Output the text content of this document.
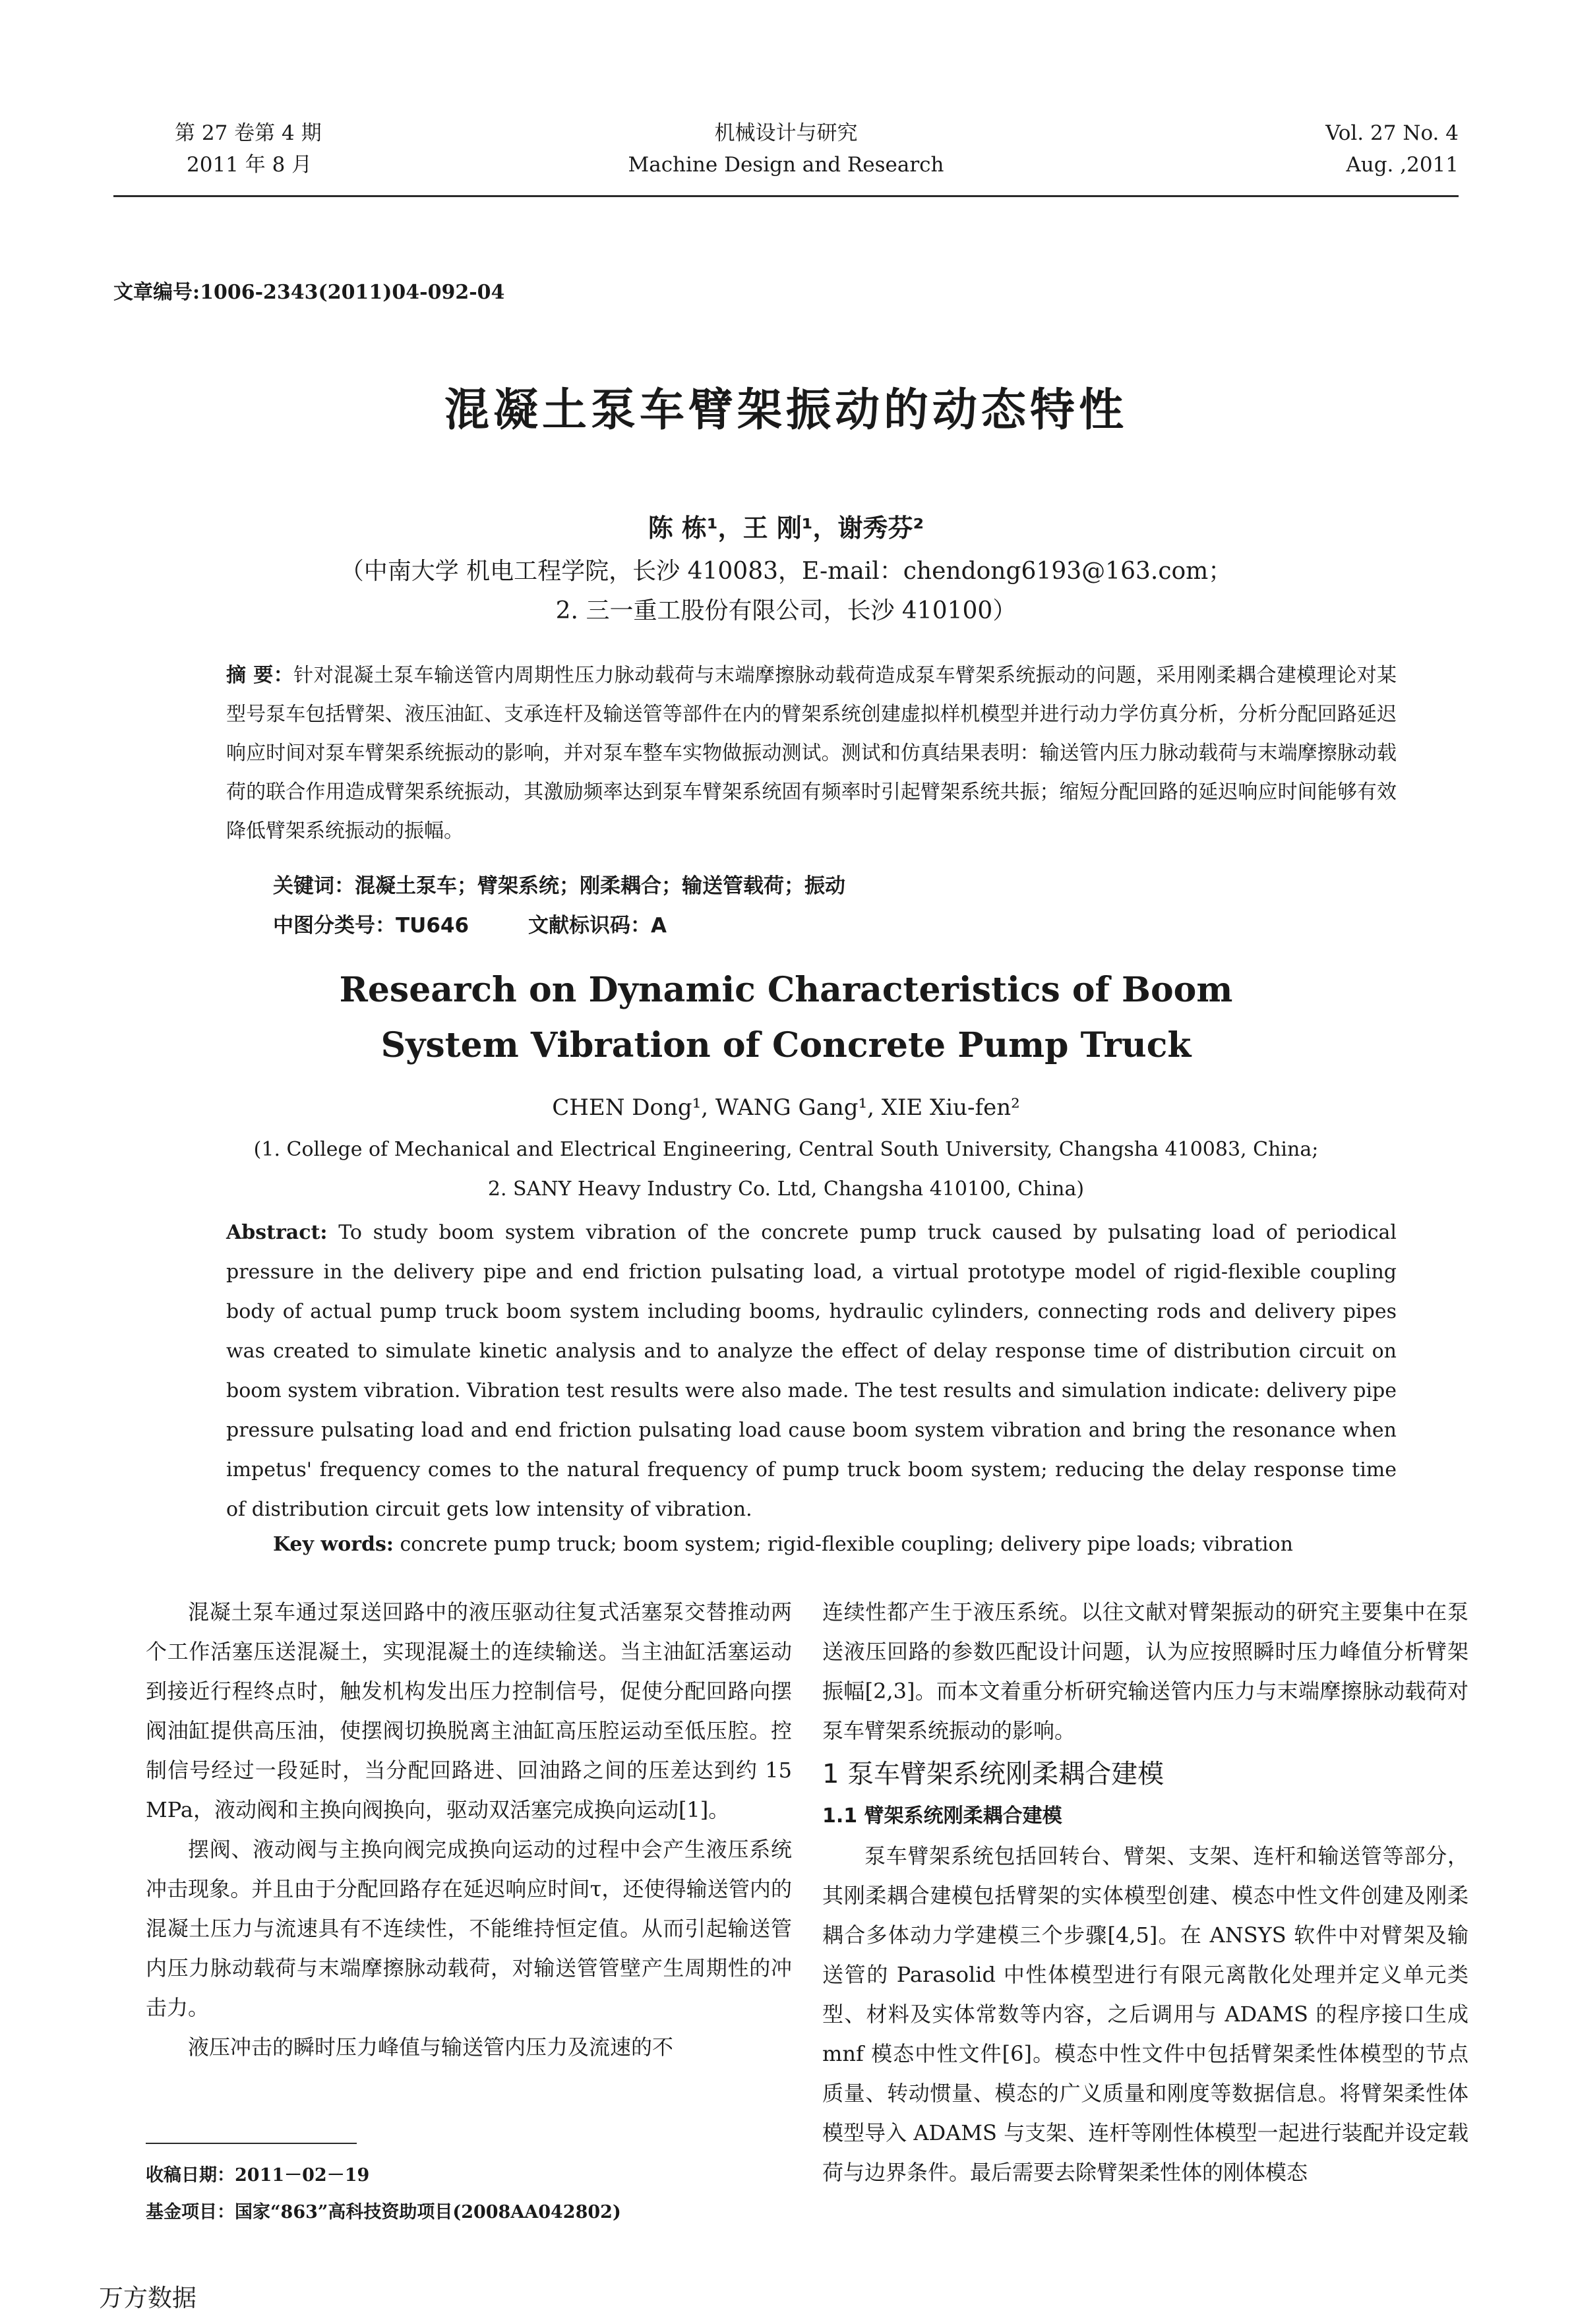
第 27 卷第 4 期
2011 年 8 月
机械设计与研究
Machine Design and Research
Vol. 27 No. 4
Aug. ,2011
文章编号:1006-2343(2011)04-092-04
混凝土泵车臂架振动的动态特性
陈 栋¹，王 刚¹，谢秀芬²
（中南大学 机电工程学院，长沙 410083，E-mail：chendong6193@163.com；
2. 三一重工股份有限公司，长沙 410100）
摘 要：针对混凝土泵车输送管内周期性压力脉动载荷与末端摩擦脉动载荷造成泵车臂架系统振动的问题，采用刚柔耦合建模理论对某型号泵车包括臂架、液压油缸、支承连杆及输送管等部件在内的臂架系统创建虚拟样机模型并进行动力学仿真分析，分析分配回路延迟响应时间对泵车臂架系统振动的影响，并对泵车整车实物做振动测试。测试和仿真结果表明：输送管内压力脉动载荷与末端摩擦脉动载荷的联合作用造成臂架系统振动，其激励频率达到泵车臂架系统固有频率时引起臂架系统共振；缩短分配回路的延迟响应时间能够有效降低臂架系统振动的振幅。
关键词：混凝土泵车；臂架系统；刚柔耦合；输送管载荷；振动
中图分类号：TU646	文献标识码：A
Research on Dynamic Characteristics of Boom
System Vibration of Concrete Pump Truck
CHEN Dong¹, WANG Gang¹, XIE Xiu-fen²
(1. College of Mechanical and Electrical Engineering, Central South University, Changsha 410083, China;
2. SANY Heavy Industry Co. Ltd, Changsha 410100, China)
Abstract: To study boom system vibration of the concrete pump truck caused by pulsating load of periodical pressure in the delivery pipe and end friction pulsating load, a virtual prototype model of rigid-flexible coupling body of actual pump truck boom system including booms, hydraulic cylinders, connecting rods and delivery pipes was created to simulate kinetic analysis and to analyze the effect of delay response time of distribution circuit on boom system vibration. Vibration test results were also made. The test results and simulation indicate: delivery pipe pressure pulsating load and end friction pulsating load cause boom system vibration and bring the resonance when impetus' frequency comes to the natural frequency of pump truck boom system; reducing the delay response time of distribution circuit gets low intensity of vibration.
Key words: concrete pump truck; boom system; rigid-flexible coupling; delivery pipe loads; vibration

混凝土泵车通过泵送回路中的液压驱动往复式活塞泵交替推动两个工作活塞压送混凝土，实现混凝土的连续输送。当主油缸活塞运动到接近行程终点时，触发机构发出压力控制信号，促使分配回路向摆阀油缸提供高压油，使摆阀切换脱离主油缸高压腔运动至低压腔。控制信号经过一段延时，当分配回路进、回油路之间的压差达到约 15 MPa，液动阀和主换向阀换向，驱动双活塞完成换向运动[1]。

摆阀、液动阀与主换向阀完成换向运动的过程中会产生液压系统冲击现象。并且由于分配回路存在延迟响应时间τ，还使得输送管内的混凝土压力与流速具有不连续性，不能维持恒定值。从而引起输送管内压力脉动载荷与末端摩擦脉动载荷，对输送管管壁产生周期性的冲击力。

液压冲击的瞬时压力峰值与输送管内压力及流速的不

连续性都产生于液压系统。以往文献对臂架振动的研究主要集中在泵送液压回路的参数匹配设计问题，认为应按照瞬时压力峰值分析臂架振幅[2,3]。而本文着重分析研究输送管内压力与末端摩擦脉动载荷对泵车臂架系统振动的影响。

1 泵车臂架系统刚柔耦合建模
1.1 臂架系统刚柔耦合建模

泵车臂架系统包括回转台、臂架、支架、连杆和输送管等部分，其刚柔耦合建模包括臂架的实体模型创建、模态中性文件创建及刚柔耦合多体动力学建模三个步骤[4,5]。在 ANSYS 软件中对臂架及输送管的 Parasolid 中性体模型进行有限元离散化处理并定义单元类型、材料及实体常数等内容，之后调用与 ADAMS 的程序接口生成 mnf 模态中性文件[6]。模态中性文件中包括臂架柔性体模型的节点质量、转动惯量、模态的广义质量和刚度等数据信息。将臂架柔性体模型导入 ADAMS 与支架、连杆等刚性体模型一起进行装配并设定载荷与边界条件。最后需要去除臂架柔性体的刚体模态

收稿日期：2011－02－19
基金项目：国家“863”高科技资助项目(2008AA042802)
万方数据
